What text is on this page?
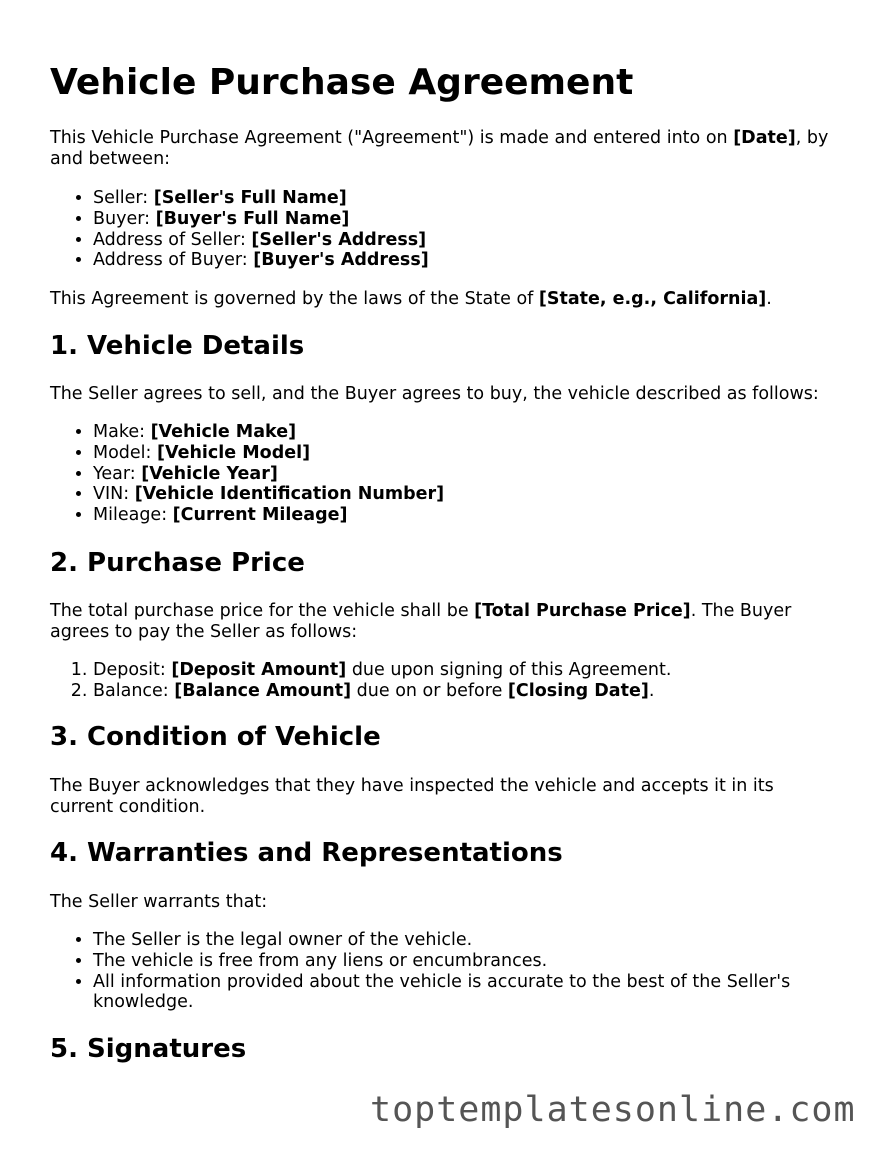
Vehicle Purchase Agreement

This Vehicle Purchase Agreement ("Agreement") is made and entered into on [Date], by and between:

• Seller: [Seller's Full Name]
• Buyer: [Buyer's Full Name]
• Address of Seller: [Seller's Address]
• Address of Buyer: [Buyer's Address]

This Agreement is governed by the laws of the State of [State, e.g., California].

1. Vehicle Details

The Seller agrees to sell, and the Buyer agrees to buy, the vehicle described as follows:

• Make: [Vehicle Make]
• Model: [Vehicle Model]
• Year: [Vehicle Year]
• VIN: [Vehicle Identification Number]
• Mileage: [Current Mileage]
2. Purchase Price

The total purchase price for the vehicle shall be [Total Purchase Price]. The Buyer agrees to pay the Seller as follows:

1. Deposit: [Deposit Amount] due upon signing of this Agreement.
2. Balance: [Balance Amount] due on or before [Closing Date].
3. Condition of Vehicle

The Buyer acknowledges that they have inspected the vehicle and accepts it in its current condition.

4. Warranties and Representations

The Seller warrants that:

• The Seller is the legal owner of the vehicle.
• The vehicle is free from any liens or encumbrances.
• All information provided about the vehicle is accurate to the best of the Seller's knowledge.
5. Signatures
toptemplatesonline.com
